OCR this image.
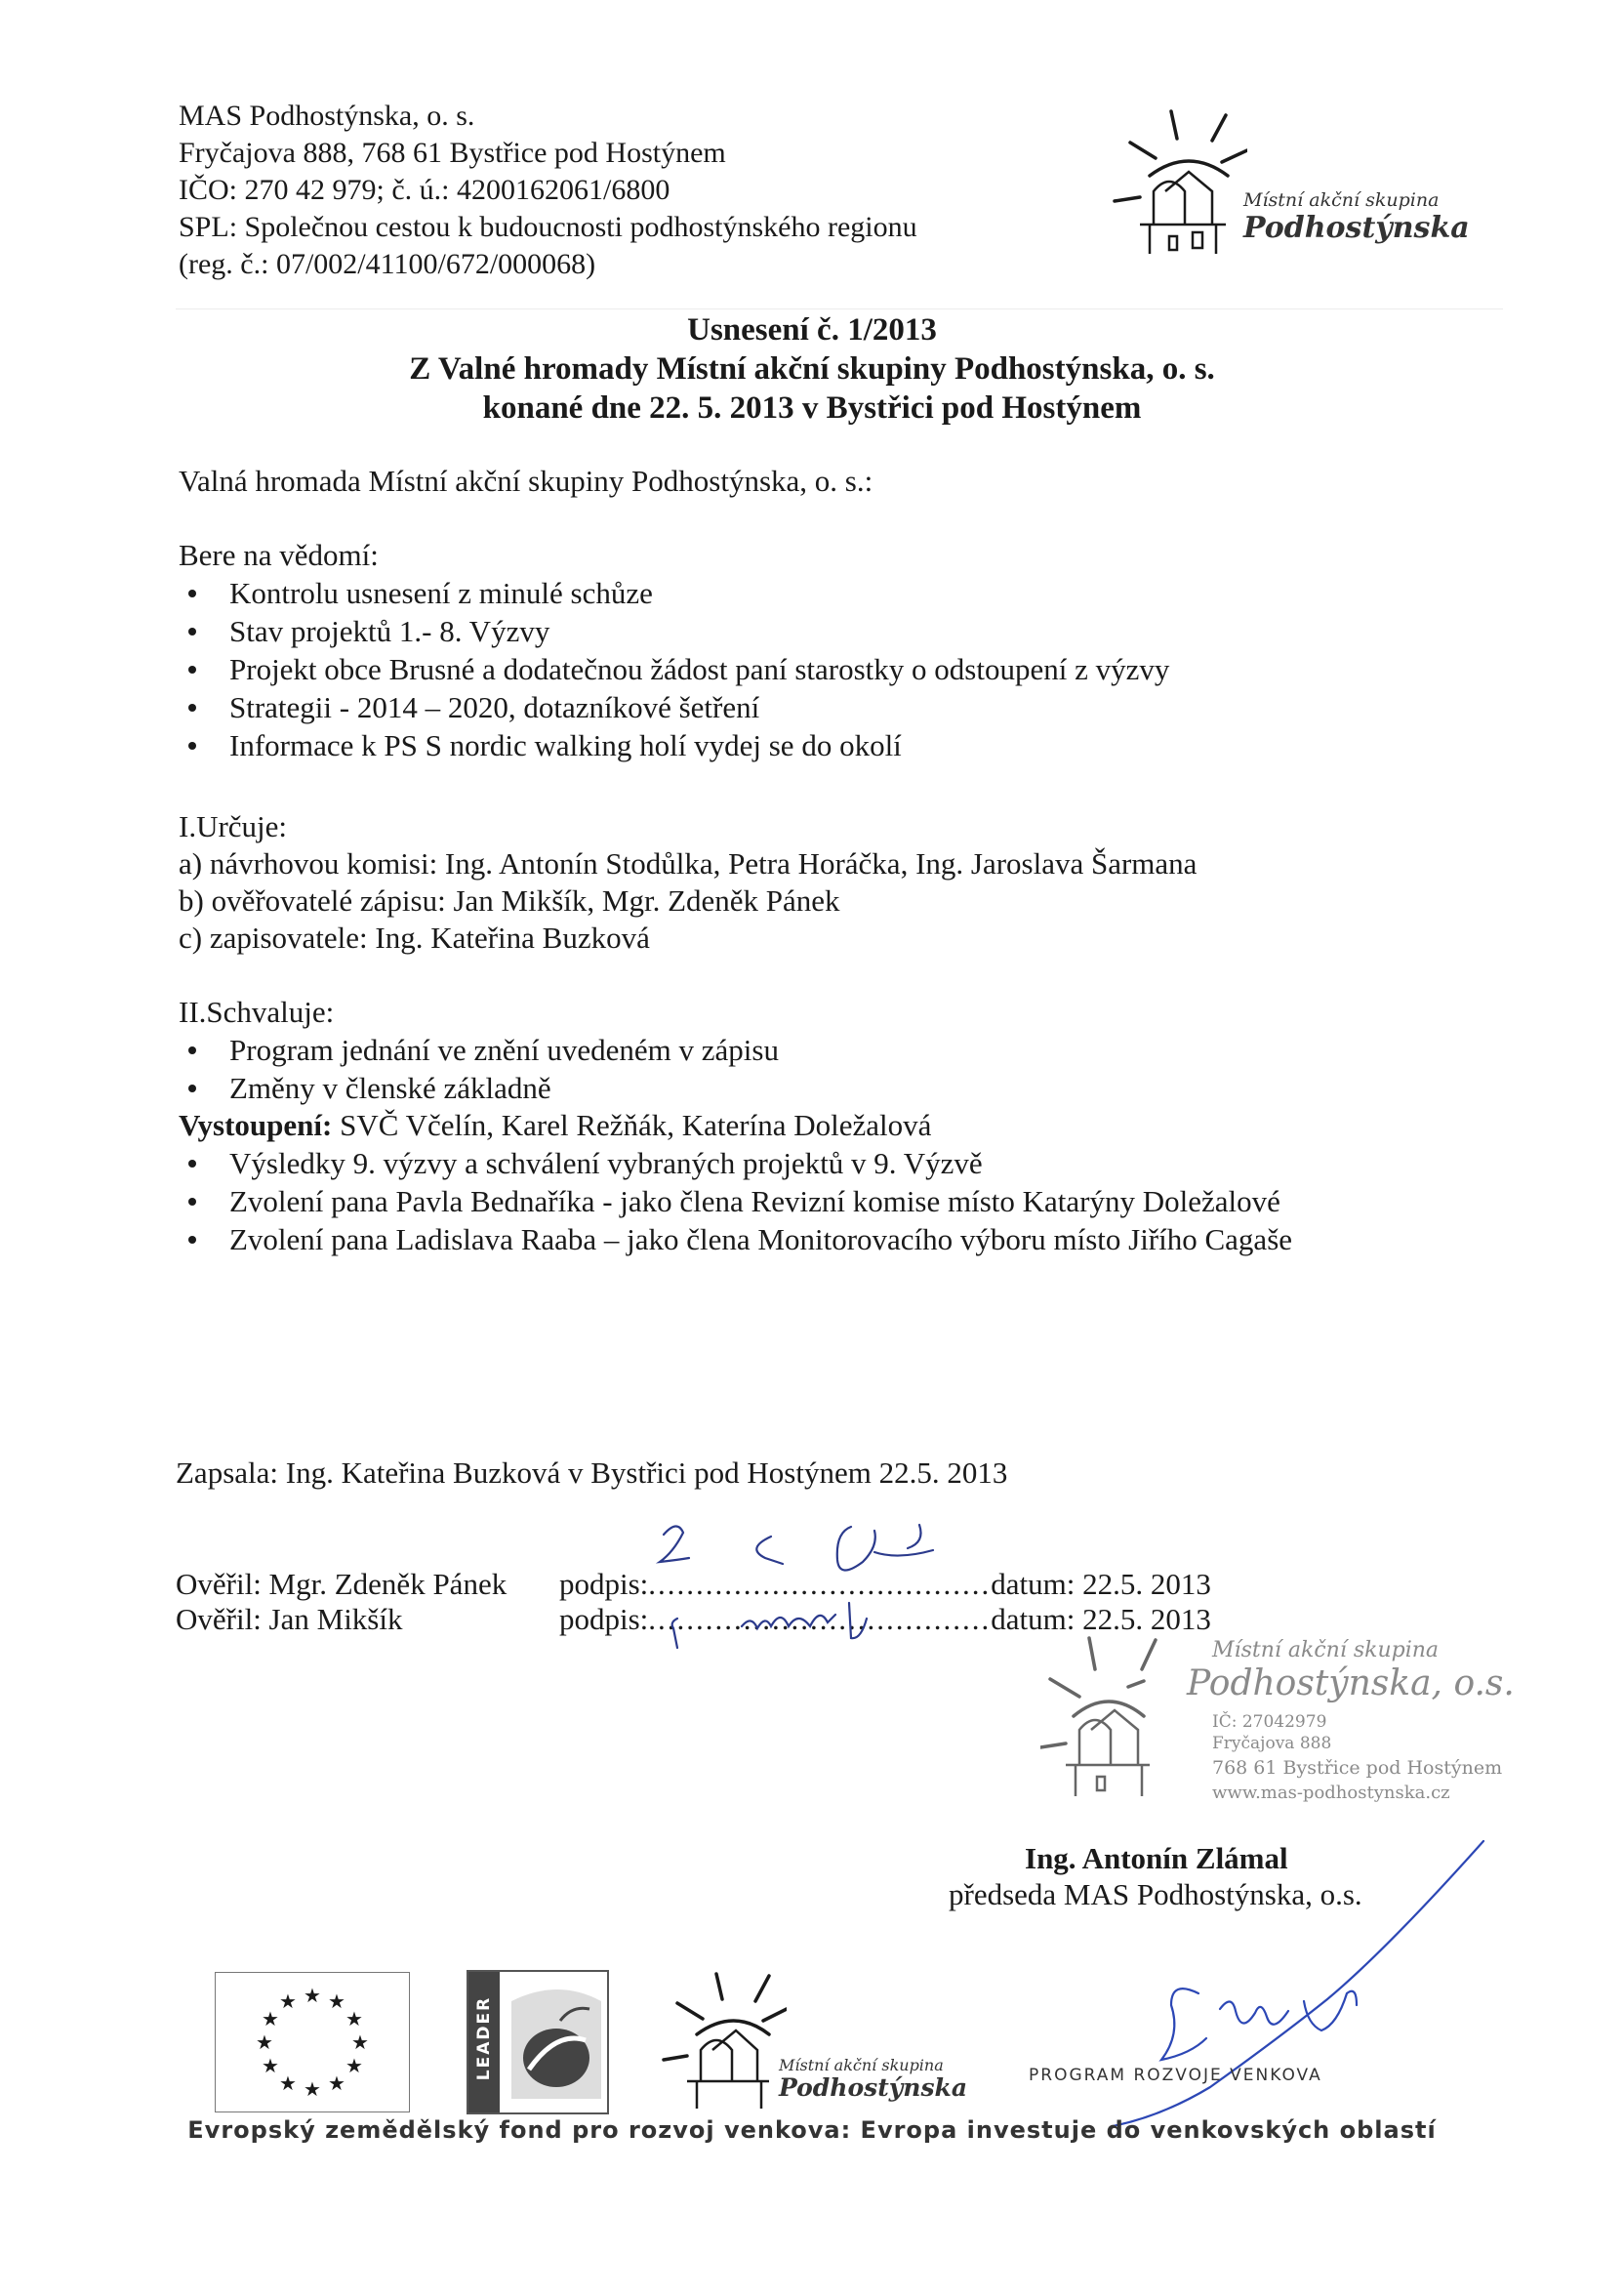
MAS Podhostýnska, o. s.
Fryčajova 888, 768 61 Bystřice pod Hostýnem
IČO: 270 42 979; č. ú.: 4200162061/6800
SPL: Společnou cestou k budoucnosti podhostýnského regionu
(reg. č.: 07/002/41100/672/000068)
Místní akční skupina
Podhostýnska
Usnesení č. 1/2013
Z Valné hromady Místní akční skupiny Podhostýnska, o. s.
konané dne 22. 5. 2013 v Bystřici pod Hostýnem
Valná hromada Místní akční skupiny Podhostýnska, o. s.:
Bere na vědomí:
Kontrolu usnesení z minulé schůze
Stav projektů 1.- 8. Výzvy
Projekt obce Brusné a dodatečnou žádost paní starostky o odstoupení z výzvy
Strategii - 2014 – 2020, dotazníkové šetření
Informace k PS S nordic walking holí vydej se do okolí
I.Určuje:
a) návrhovou komisi: Ing. Antonín Stodůlka, Petra Horáčka, Ing. Jaroslava Šarmana
b) ověřovatelé zápisu: Jan Mikšík, Mgr. Zdeněk Pánek
c) zapisovatele: Ing. Kateřina Buzková
II.Schvaluje:
Program jednání ve znění uvedeném v zápisu
Změny v členské základně
Vystoupení: SVČ Včelín, Karel Režňák, Katerína Doležalová
Výsledky 9. výzvy a schválení vybraných projektů v 9. Výzvě
Zvolení pana Pavla Bednaříka - jako člena Revizní komise místo Katarýny Doležalové
Zvolení pana Ladislava Raaba – jako člena Monitorovacího výboru místo Jiřího Cagaše
Zapsala: Ing. Kateřina Buzková v Bystřici pod Hostýnem 22.5. 2013
Ověřil: Mgr. Zdeněk Pánek podpis:....................................datum: 22.5. 2013
Ověřil: Jan Mikšík	podpis:....................................datum: 22.5. 2013
Místní akční skupina
Podhostýnska, o.s.
IČ: 27042979
Fryčajova 888
768 61 Bystřice pod Hostýnem
www.mas-podhostynska.cz
Ing. Antonín Zlámal
předseda MAS Podhostýnska, o.s.
★ ★
★
★
★
★
★
★
★
★
★
★	LEADER	Místní akční skupina
Podhostýnska	PROGRAM ROZVOJE VENKOVA
Evropský zemědělský fond pro rozvoj venkova: Evropa investuje do venkovských oblastí
